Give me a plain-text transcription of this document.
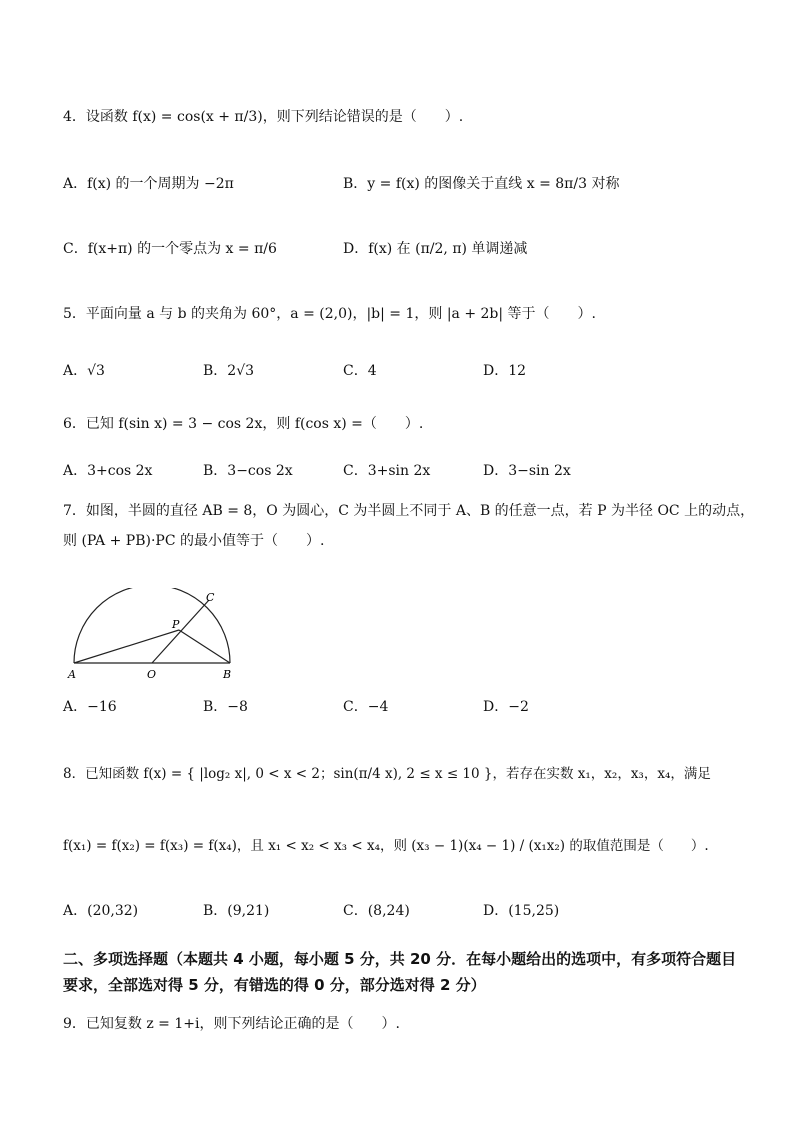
4．设函数 f(x) = cos(x + π/3)，则下列结论错误的是（　　）.
A．f(x) 的一个周期为 −2π	B．y = f(x) 的图像关于直线 x = 8π/3 对称
C．f(x+π) 的一个零点为 x = π/6	D．f(x) 在 (π/2, π) 单调递减
5．平面向量 a 与 b 的夹角为 60°，a = (2,0)，|b| = 1，则 |a + 2b| 等于（　　）.
A．√3	B．2√3	C．4	D．12
6．已知 f(sin x) = 3 − cos 2x，则 f(cos x) =（　　）.
A．3+cos 2x	B．3−cos 2x	C．3+sin 2x	D．3−sin 2x
7．如图，半圆的直径 AB = 8，O 为圆心，C 为半圆上不同于 A、B 的任意一点，若 P 为半径 OC 上的动点，
则 (PA + PB)·PC 的最小值等于（　　）.
A	O	B
C
P
A．−16	B．−8	C．−4	D．−2
8．已知函数 f(x) = { |log₂ x|, 0 < x < 2；sin(π/4 x), 2 ≤ x ≤ 10 }，若存在实数 x₁，x₂，x₃，x₄，满足
f(x₁) = f(x₂) = f(x₃) = f(x₄)，且 x₁ < x₂ < x₃ < x₄，则 (x₃ − 1)(x₄ − 1) / (x₁x₂) 的取值范围是（　　）.
A．(20,32)	B．(9,21)	C．(8,24)	D．(15,25)
二、多项选择题（本题共 4 小题，每小题 5 分，共 20 分．在每小题给出的选项中，有多项符合题目要求，全部选对得 5 分，有错选的得 0 分，部分选对得 2 分）
9．已知复数 z = 1+i，则下列结论正确的是（　　）.
